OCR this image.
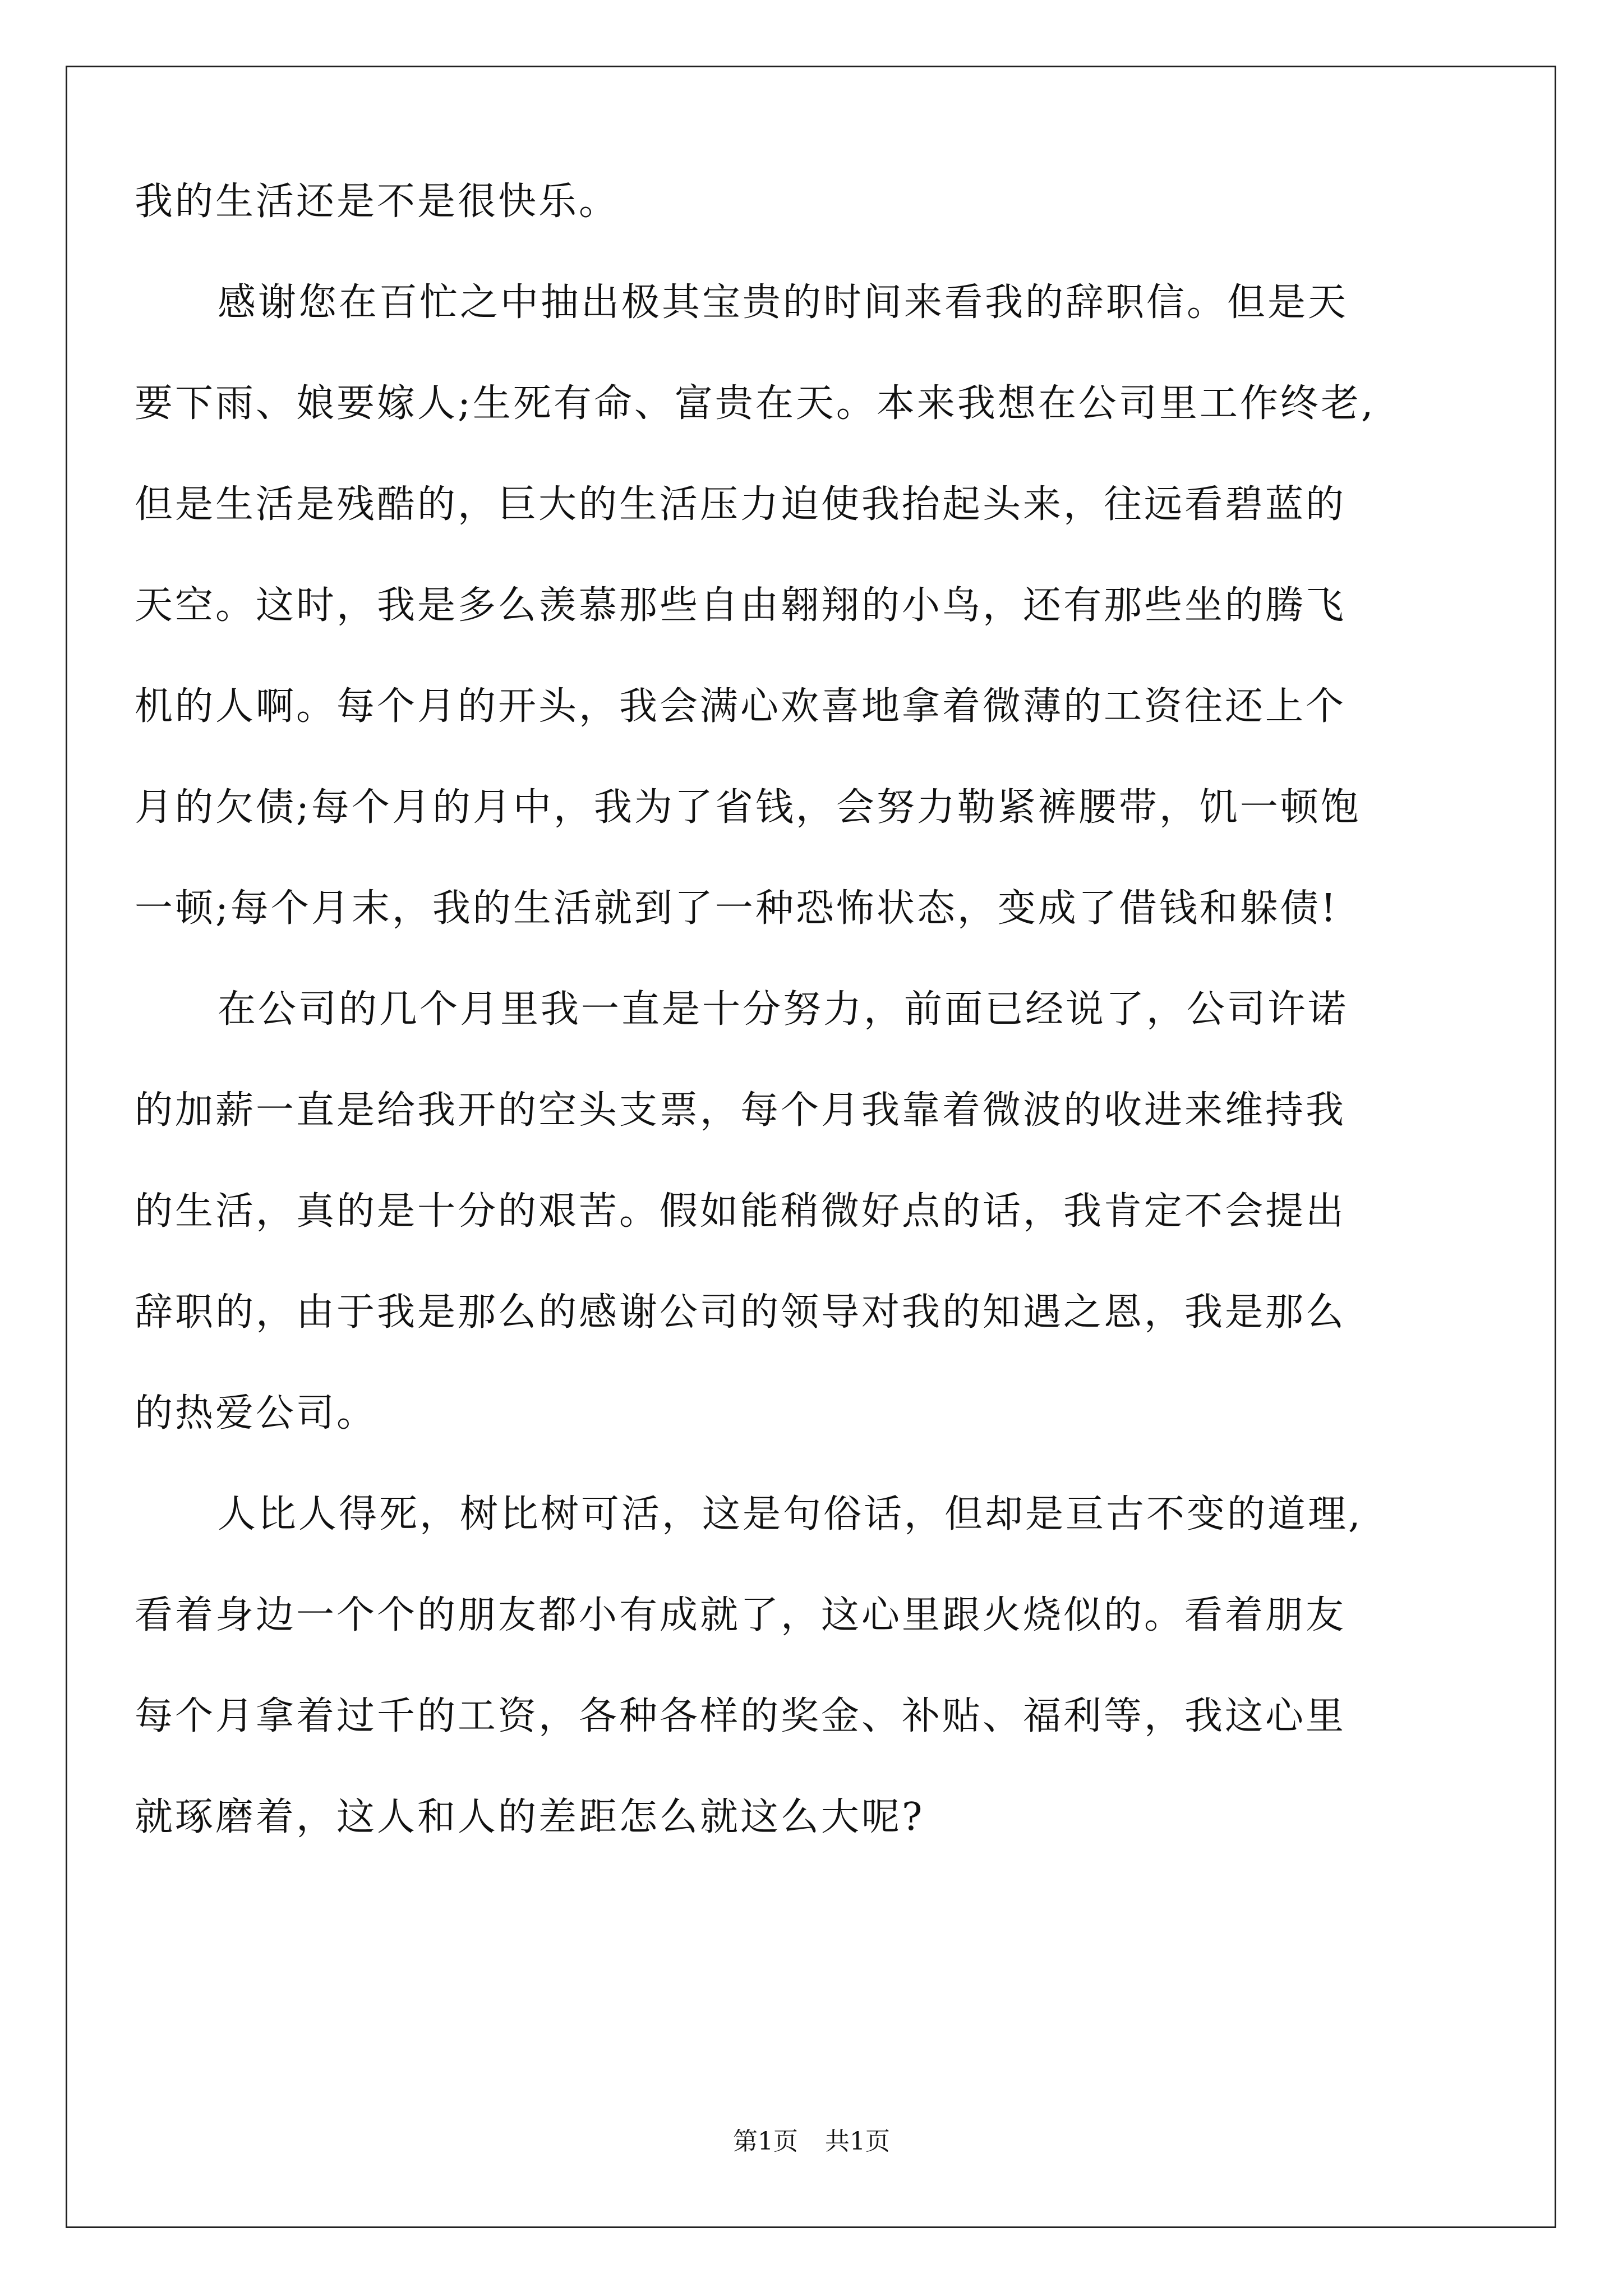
我的生活还是不是很快乐。
感谢您在百忙之中抽出极其宝贵的时间来看我的辞职信。但是天
要下雨、娘要嫁人;生死有命、富贵在天。本来我想在公司里工作终老,
但是生活是残酷的，巨大的生活压力迫使我抬起头来，往远看碧蓝的
天空。这时，我是多么羡慕那些自由翱翔的小鸟，还有那些坐的腾飞
机的人啊。每个月的开头，我会满心欢喜地拿着微薄的工资往还上个
月的欠债;每个月的月中，我为了省钱，会努力勒紧裤腰带，饥一顿饱
一顿;每个月末，我的生活就到了一种恐怖状态，变成了借钱和躲债!
在公司的几个月里我一直是十分努力，前面已经说了，公司许诺
的加薪一直是给我开的空头支票，每个月我靠着微波的收进来维持我
的生活，真的是十分的艰苦。假如能稍微好点的话，我肯定不会提出
辞职的，由于我是那么的感谢公司的领导对我的知遇之恩，我是那么
的热爱公司。
人比人得死，树比树可活，这是句俗话，但却是亘古不变的道理,
看着身边一个个的朋友都小有成就了，这心里跟火烧似的。看着朋友
每个月拿着过千的工资，各种各样的奖金、补贴、福利等，我这心里
就琢磨着，这人和人的差距怎么就这么大呢?
第1页 共1页
